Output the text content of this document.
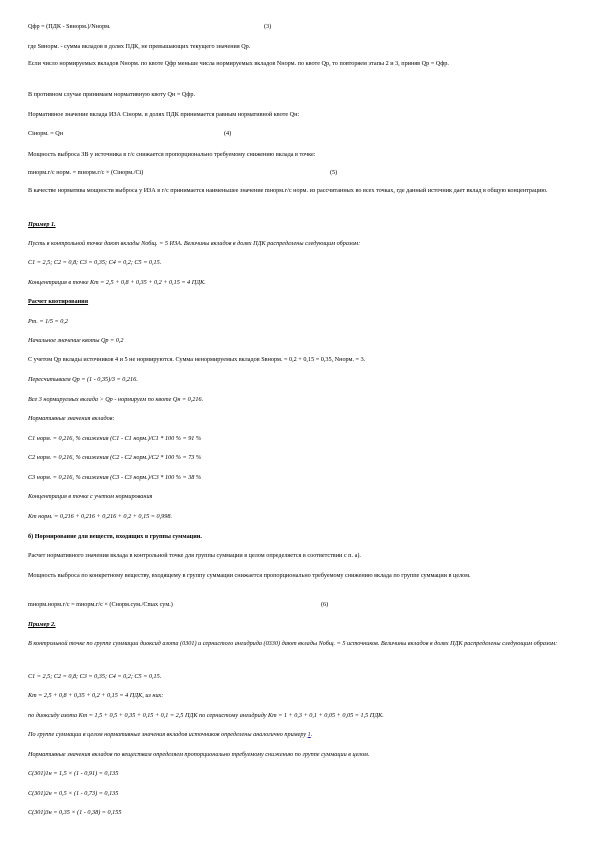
Qфр = (ПДК - Sвнорм.)/Nнорм.	(3)
где Sвнорм. - сумма вкладов в долях ПДК, не превышающих текущего значения Qр.
Если число нормируемых вкладов Nнорм. по квоте Qфр меньше числа нормируемых вкладов Nнорм. по квоте Qр, то повторяем этапы 2 и 3, приняв Qр = Qфр.
В противном случае принимаем нормативную квоту Qн = Qфр.
Нормативное значение вклада ИЗА Ciнорм. в долях ПДК принимается равным нормативной квоте Qн:
Ciнорм. = Qн	(4)
Мощность выброса ЗВ у источника в г/с снижается пропорционально требуемому снижению вклада в точке:
mнорм.г/с норм. = mнорм.г/с × (Ciнорм./Ci)	(5)
В качестве норматива мощности выброса у ИЗА в г/с принимается наименьшее значение mнорм.г/с норм. из рассчитанных во всех точках, где данный источник дает вклад в общую концентрацию.
Пример 1.
Пусть в контрольной точке дают вклады Nобщ. = 5 ИЗА. Величины вкладов в долях ПДК распределены следующим образом:
C1 = 2,5; C2 = 0,8; C3 = 0,35; C4 = 0,2; C5 = 0,15.
Концентрация в точке Km = 2,5 + 0,8 + 0,35 + 0,2 + 0,15 = 4 ПДК.
Расчет квотирования
Pm. = 1/5 = 0,2
Начальное значение квоты Qр = 0,2
С учетом Qр вклады источников 4 и 5 не нормируются. Сумма ненормируемых вкладов Sвнорм. = 0,2 + 0,15 = 0,35, Nнорм. = 3.
Пересчитываем Qр = (1 - 0,35)/3 = 0,216.
Все 3 нормируемых вклада > Qр - нормируем по квоте Qн = 0,216.
Нормативные значения вкладов:
C1 норм. = 0,216, % снижения (C1 - C1 норм.)/C1 * 100 % = 91 %
C2 норм. = 0,216, % снижения (C2 - C2 норм.)/C2 * 100 % = 73 %
C3 норм. = 0,216, % снижения (C3 - C3 норм.)/C3 * 100 % = 38 %
Концентрация в точке с учетом нормирования
Km норм. = 0,216 + 0,216 + 0,216 + 0,2 + 0,15 = 0,998.
б) Нормирование для веществ, входящих в группы суммации.
Расчет нормативного значения вклада в контрольной точке для группы суммации в целом определяется в соответствии с п. а).
Мощность выброса по конкретному веществу, входящему в группу суммации снижается пропорционально требуемому снижению вклада по группе суммации в целом.
mнорм.норм.г/с = mнорм.г/с × (Cнорм.сум./Cmax сум.)	(6)
Пример 2.
В контрольной точке по группе суммации диоксид азота (0301) и сернистого ангидрида (0330) дают вклады Nобщ. = 5 источников. Величины вкладов в долях ПДК распределены следующим образом:
C1 = 2,5; C2 = 0,8; C3 = 0,35; C4 = 0,2; C5 = 0,15.
Km = 2,5 + 0,8 + 0,35 + 0,2 + 0,15 = 4 ПДК, из них:
по диоксиду азота Km = 1,5 + 0,5 + 0,35 + 0,15 + 0,1 = 2,5 ПДК по сернистому ангидриду Km = 1 + 0,3 + 0,1 + 0,05 + 0,05 = 1,5 ПДК.
По группе суммации в целом нормативные значения вкладов источников определены аналогично примеру 1.
Нормативные значения вкладов по веществам определяем пропорционально требуемому снижению по группе суммации в целом.
C(301)1н = 1,5 × (1 - 0,91) = 0,135
C(301)2н = 0,5 × (1 - 0,73) = 0,135
C(301)3н = 0,35 × (1 - 0,38) = 0,155
